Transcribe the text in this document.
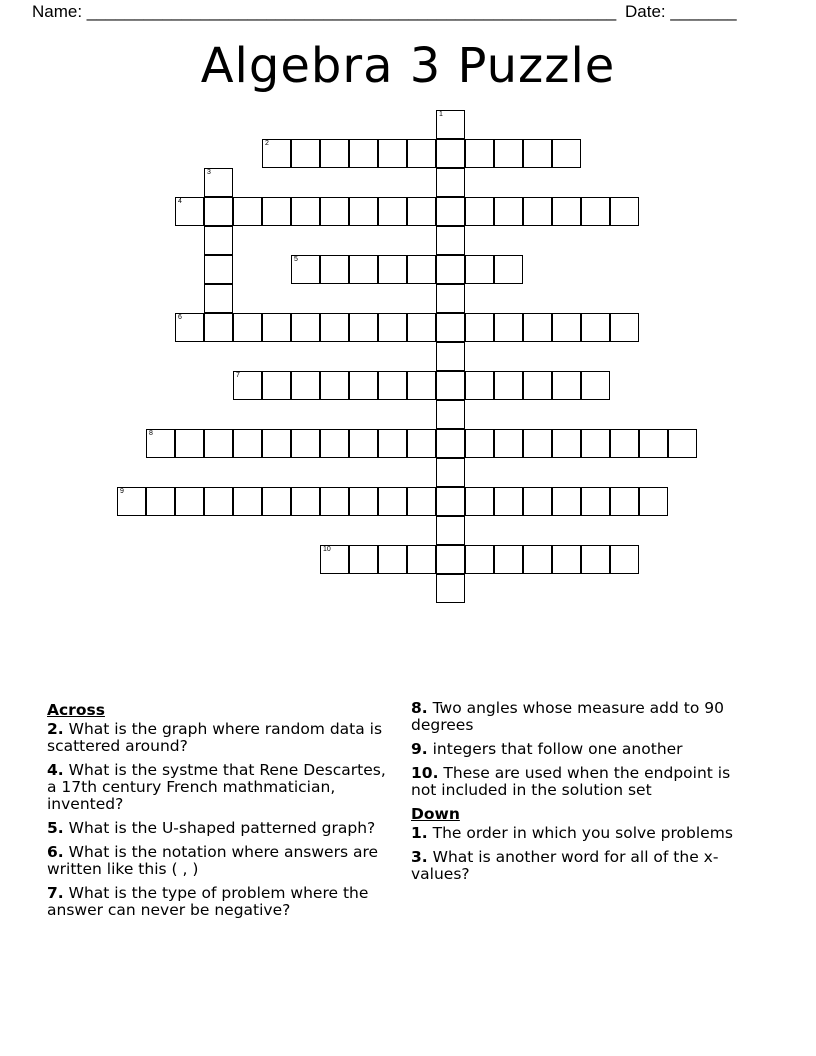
Name: ________________________________________________________ Date: _______
Algebra 3 Puzzle
1
2
3
4
5
6
7
8
9
10
Across
2. What is the graph where random data is scattered around?
4. What is the systme that Rene Descartes, a 17th century French mathmatician, invented?
5. What is the U-shaped patterned graph?
6. What is the notation where answers are written like this ( , )
7. What is the type of problem where the answer can never be negative?
8. Two angles whose measure add to 90 degrees
9. integers that follow one another
10. These are used when the endpoint is not included in the solution set
Down
1. The order in which you solve problems
3. What is another word for all of the x- values?
